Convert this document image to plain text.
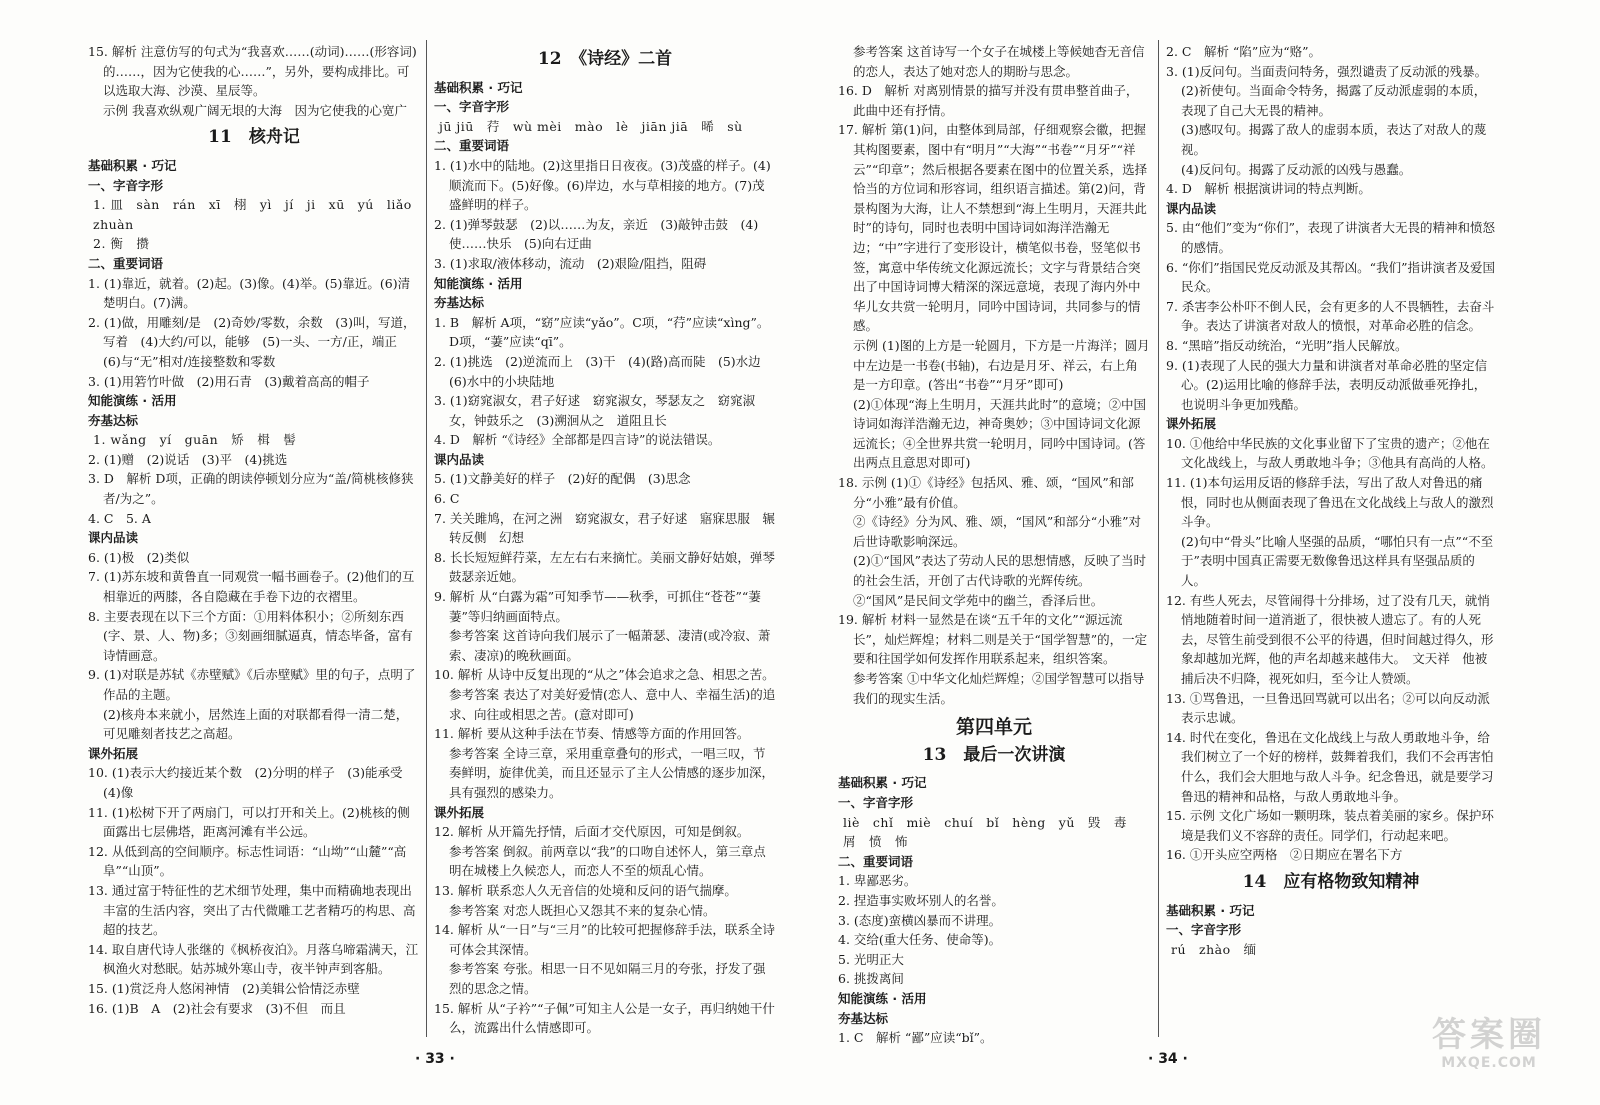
15. 解析 注意仿写的句式为“我喜欢……(动词)……(形容词)的……，因为它使我的心……”，另外，要构成排比。可以选取大海、沙漠、星辰等。
示例 我喜欢纵观广阔无垠的大海　因为它使我的心宽广
11　核舟记
基础积累 · 巧记
一、字音字形
1. 皿　sàn　rán　xī　栩　yì　jí　ji　xū　yú　liǎo　zhuàn
2. 衡　攒
二、重要词语
1. (1)靠近，就着。(2)起。(3)像。(4)举。(5)靠近。(6)清楚明白。(7)满。
2. (1)做，用雕刻/是　(2)奇妙/零数，余数　(3)叫，写道，写着　(4)大约/可以，能够　(5)一头、一方/正，端正　(6)与“无”相对/连接整数和零数
3. (1)用箬竹叶做　(2)用石青　(3)戴着高高的帽子
知能演练 · 活用
夯基达标
1. wǎng　yí　guān　矫　楫　髻
2. (1)赠　(2)说话　(3)平　(4)挑选
3. D　解析 D项，正确的朗读停顿划分应为“盖/简桃核修狭者/为之”。
4. C　5. A
课内品读
6. (1)极　(2)类似
7. (1)苏东坡和黄鲁直一同观赏一幅书画卷子。(2)他们的互相靠近的两膝，各自隐藏在手卷下边的衣褶里。
8. 主要表现在以下三个方面：①用料体积小；②所刻东西(字、景、人、物)多；③刻画细腻逼真，情态毕备，富有诗情画意。
9. (1)对联是苏轼《赤壁赋》《后赤壁赋》里的句子，点明了作品的主题。
(2)核舟本来就小，居然连上面的对联都看得一清二楚，可见雕刻者技艺之高超。
课外拓展
10. (1)表示大约接近某个数　(2)分明的样子　(3)能承受　(4)像
11. (1)松树下开了两扇门，可以打开和关上。(2)桃核的侧面露出七层佛塔，距离河滩有半公远。
12. 从低到高的空间顺序。标志性词语：“山坳”“山麓”“高阜”“山顶”。
13. 通过富于特征性的艺术细节处理，集中而精确地表现出丰富的生活内容，突出了古代微雕工艺者精巧的构思、高超的技艺。
14. 取自唐代诗人张继的《枫桥夜泊》。月落乌啼霜满天，江枫渔火对愁眠。姑苏城外寒山寺，夜半钟声到客船。
15. (1)赏泛舟人悠闲神情　(2)美辑公恰情泛赤壁
16. (1)B　A　(2)社会有要求　(3)不但　而且
12　《诗经》二首
基础积累 · 巧记
一、字音字形
jū jiū　荇　wù mèi　mào　lè　jiān jiā　晞　sù
二、重要词语
1. (1)水中的陆地。(2)这里指日日夜夜。(3)茂盛的样子。(4)顺流而下。(5)好像。(6)岸边，水与草相接的地方。(7)茂盛鲜明的样子。
2. (1)弹琴鼓瑟　(2)以……为友，亲近　(3)敲钟击鼓　(4)使……快乐　(5)向右迂曲
3. (1)求取/液体移动，流动　(2)艰险/阻挡，阻碍
知能演练 · 活用
夯基达标
1. B　解析 A项，“窈”应读“yǎo”。C项，“荇”应读“xìng”。D项，“萋”应读“qī”。
2. (1)挑选　(2)逆流而上　(3)干　(4)(路)高而陡　(5)水边　(6)水中的小块陆地
3. (1)窈窕淑女，君子好逑　窈窕淑女，琴瑟友之　窈窕淑女，钟鼓乐之　(3)溯洄从之　道阻且长
4. D　解析 “《诗经》全部都是四言诗”的说法错误。
课内品读
5. (1)文静美好的样子　(2)好的配偶　(3)思念
6. C
7. 关关雎鸠，在河之洲　窈窕淑女，君子好逑　寤寐思服　辗转反侧　幻想
8. 长长短短鲜荇菜，左左右右来摘忙。美丽文静好姑娘，弹琴鼓瑟亲近她。
9. 解析 从“白露为霜”可知季节——秋季，可抓住“苍苍”“萋萋”等归纳画面特点。
参考答案 这首诗向我们展示了一幅萧瑟、凄清(或冷寂、萧索、凄凉)的晚秋画面。
10. 解析 从诗中反复出现的“从之”体会追求之急、相思之苦。
参考答案 表达了对美好爱情(恋人、意中人、幸福生活)的追求、向往或相思之苦。(意对即可)
11. 解析 要从这种手法在节奏、情感等方面的作用回答。
参考答案 全诗三章，采用重章叠句的形式，一唱三叹，节奏鲜明，旋律优美，而且还显示了主人公情感的逐步加深，具有强烈的感染力。
课外拓展
12. 解析 从开篇先抒情，后面才交代原因，可知是倒叙。
参考答案 倒叙。前两章以“我”的口吻自述怀人，第三章点明在城楼上久候恋人，而恋人不至的烦乱心情。
13. 解析 联系恋人久无音信的处境和反问的语气揣摩。
参考答案 对恋人既担心又怨其不来的复杂心情。
14. 解析 从“一日”与“三月”的比较可把握修辞手法，联系全诗可体会其深情。
参考答案 夸张。相思一日不见如隔三月的夸张，抒发了强烈的思念之情。
15. 解析 从“子衿”“子佩”可知主人公是一女子，再归纳她干什么，流露出什么情感即可。
参考答案 这首诗写一个女子在城楼上等候她杳无音信的恋人，表达了她对恋人的期盼与思念。
16. D　解析 对离别情景的描写并没有贯串整首曲子，此曲中还有抒情。
17. 解析 第(1)问，由整体到局部，仔细观察会徽，把握其构图要素，图中有“明月”“大海”“书卷”“月牙”“祥云”“印章”；然后根据各要素在图中的位置关系，选择恰当的方位词和形容词，组织语言描述。第(2)问，背景构图为大海，让人不禁想到“海上生明月，天涯共此时”的诗句，同时也表明中国诗词如海洋浩瀚无边；“中”字进行了变形设计，横笔似书卷，竖笔似书签，寓意中华传统文化源远流长；文字与背景结合突出了中国诗词博大精深的深远意境，表现了海内外中华儿女共赏一轮明月，同吟中国诗词，共同参与的情感。
示例 (1)图的上方是一轮圆月，下方是一片海洋；圆月中左边是一书卷(书轴)，右边是月牙、祥云，右上角是一方印章。(答出“书卷”“月牙”即可)
(2)①体现“海上生明月，天涯共此时”的意境；②中国诗词如海洋浩瀚无边，神奇奥妙；③中国诗词文化源远流长；④全世界共赏一轮明月，同吟中国诗词。(答出两点且意思对即可)
18. 示例 (1)①《诗经》包括风、雅、颂，“国风”和部分“小雅”最有价值。
②《诗经》分为风、雅、颂，“国风”和部分“小雅”对后世诗歌影响深远。
(2)①“国风”表达了劳动人民的思想情感，反映了当时的社会生活，开创了古代诗歌的光辉传统。
②“国风”是民间文学苑中的幽兰，香泽后世。
19. 解析 材料一显然是在谈“五千年的文化”“源远流长”，灿烂辉煌；材料二则是关于“国学智慧”的，一定要和往国学如何发挥作用联系起来，组织答案。
参考答案 ①中华文化灿烂辉煌；②国学智慧可以指导我们的现实生活。
第四单元
13　最后一次讲演
基础积累 · 巧记
一、字音字形
liè　chǐ　miè　chuí　bǐ　hèng　yǔ　毁　毒　屑　愤　怖
二、重要词语
1. 卑鄙恶劣。
2. 捏造事实败坏别人的名誉。
3. (态度)蛮横凶暴而不讲理。
4. 交给(重大任务、使命等)。
5. 光明正大
6. 挑拨离间
知能演练 · 活用
夯基达标
1. C　解析 “鄙”应读“bǐ”。
2. C　解析 “陷”应为“赂”。
3. (1)反问句。当面责问特务，强烈谴责了反动派的残暴。
(2)祈使句。当面命令特务，揭露了反动派虚弱的本质，表现了自己大无畏的精神。
(3)感叹句。揭露了敌人的虚弱本质，表达了对敌人的蔑视。
(4)反问句。揭露了反动派的凶残与愚蠢。
4. D　解析 根据演讲词的特点判断。
课内品读
5. 由“他们”变为“你们”，表现了讲演者大无畏的精神和愤怒的感情。
6. “你们”指国民党反动派及其帮凶。“我们”指讲演者及爱国民众。
7. 杀害李公朴吓不倒人民，会有更多的人不畏牺牲，去奋斗争。表达了讲演者对敌人的愤恨，对革命必胜的信念。
8. “黑暗”指反动统治，“光明”指人民解放。
9. (1)表现了人民的强大力量和讲演者对革命必胜的坚定信心。(2)运用比喻的修辞手法，表明反动派做垂死挣扎，也说明斗争更加残酷。
课外拓展
10. ①他给中华民族的文化事业留下了宝贵的遗产；②他在文化战线上，与敌人勇敢地斗争；③他具有高尚的人格。
11. (1)本句运用反语的修辞手法，写出了敌人对鲁迅的痛恨，同时也从侧面表现了鲁迅在文化战线上与敌人的激烈斗争。
(2)句中“骨头”比喻人坚强的品质，“哪怕只有一点”“不至于”表明中国真正需要无数像鲁迅这样具有坚强品质的人。
12. 有些人死去，尽管闹得十分排场，过了没有几天，就悄悄地随着时间一道消逝了，很快被人遗忘了。有的人死去，尽管生前受到很不公平的待遇，但时间越过得久，形象却越加光辉，他的声名却越来越伟大。　文天祥　他被捕后决不归降，视死如归，至今让人赞颂。
13. ①骂鲁迅，一旦鲁迅回骂就可以出名；②可以向反动派表示忠诚。
14. 时代在变化，鲁迅在文化战线上与敌人勇敢地斗争，给我们树立了一个好的榜样，鼓舞着我们，我们不会再害怕什么，我们会大胆地与敌人斗争。纪念鲁迅，就是要学习鲁迅的精神和品格，与敌人勇敢地斗争。
15. 示例 文化广场如一颗明珠，装点着美丽的家乡。保护环境是我们义不容辞的责任。同学们，行动起来吧。
16. ①开头应空两格　②日期应在署名下方
14　应有格物致知精神
基础积累 · 巧记
一、字音字形
rú　zhào　缅
· 33 ·	· 34 ·
答案圈
MXQE.COM
